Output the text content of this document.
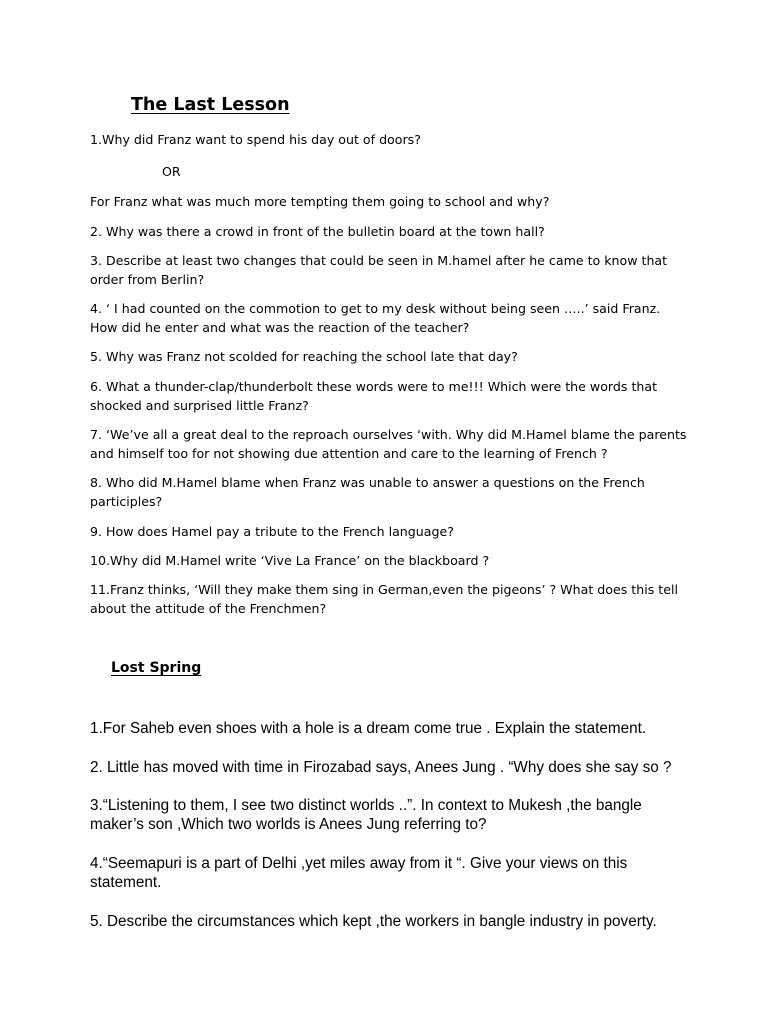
The Last Lesson

1.Why did Franz want to spend his day out of doors?

OR

For Franz what was much more tempting them going to school and why?

2. Why was there a crowd in front of the bulletin board at the town hall?

3. Describe at least two changes that could be seen in M.hamel after he came to know that order from Berlin?

4. ‘ I had counted on the commotion to get to my desk without being seen …..’ said Franz. How did he enter and what was the reaction of the teacher?

5. Why was Franz not scolded for reaching the school late that day?

6. What a thunder-clap/thunderbolt these words were to me!!! Which were the words that shocked and surprised little Franz?

7. ‘We’ve all a great deal to the reproach ourselves ‘with. Why did M.Hamel blame the parents and himself too for not showing due attention and care to the learning of French ?

8. Who did M.Hamel blame when Franz was unable to answer a questions on the French participles?

9. How does Hamel pay a tribute to the French language?

10.Why did M.Hamel write ‘Vive La France’ on the blackboard ?

11.Franz thinks, ‘Will they make them sing in German,even the pigeons’ ? What does this tell about the attitude of the Frenchmen?

Lost Spring

1.For Saheb even shoes with a hole is a dream come true . Explain the statement.

2. Little has moved with time in Firozabad says, Anees Jung . “Why does she say so ?

3.“Listening to them, I see two distinct worlds ..”. In context to Mukesh ,the bangle maker’s son ,Which two worlds is Anees Jung referring to?

4.“Seemapuri is a part of Delhi ,yet miles away from it “. Give your views on this statement.

5. Describe the circumstances which kept ,the workers in bangle industry in poverty.
